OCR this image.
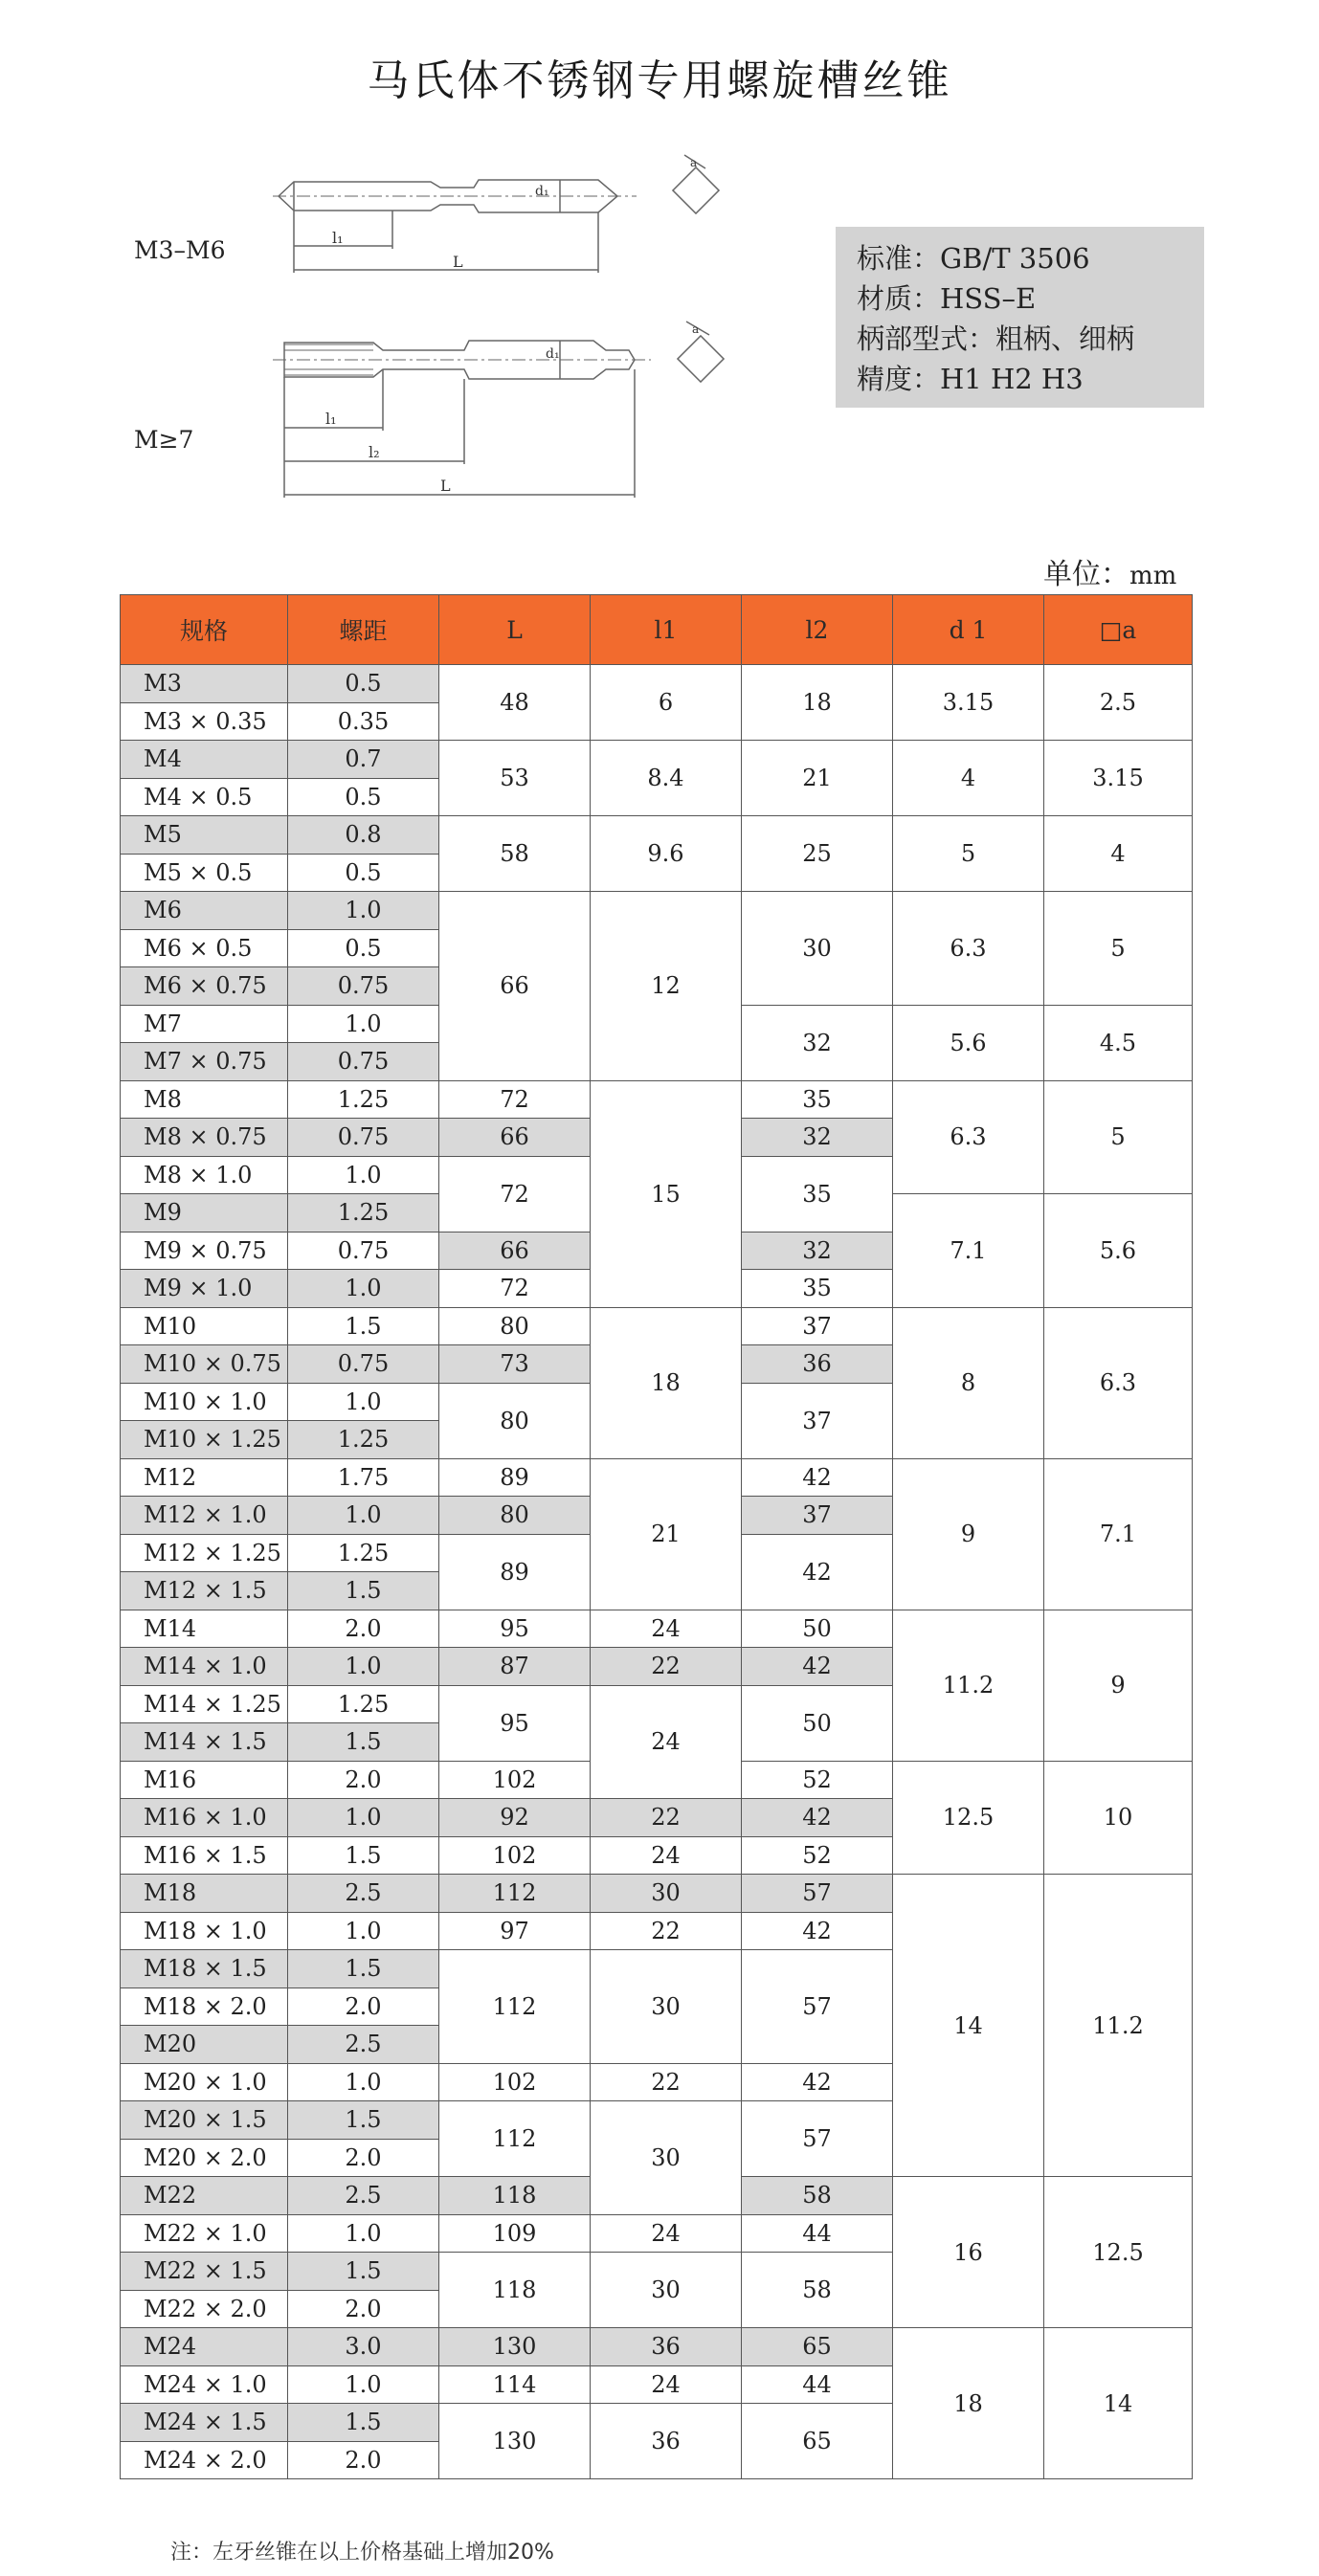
马氏体不锈钢专用螺旋槽丝锥
l₁
L
d₁
a
M3–M6
l₁
l₂
L
d₁
a
M≥7
标准：GB/T 3506
材质：HSS–E
柄部型式：粗柄、细柄
精度：H1 H2 H3
单位：mm
规格	螺距	L	l1	l2	d 1	□a
M3	0.5	48	6	18	3.15	2.5
M3 × 0.35	0.35					
M4	0.7	53	8.4	21	4	3.15
M4 × 0.5	0.5					
M5	0.8	58	9.6	25	5	4
M5 × 0.5	0.5					
M6	1.0	66	12	30	6.3	5
M6 × 0.5	0.5					
M6 × 0.75	0.75					
M7	1.0			32	5.6	4.5
M7 × 0.75	0.75					
M8	1.25	72	15	35	6.3	5
M8 × 0.75	0.75	66		32		
M8 × 1.0	1.0	72		35		
M9	1.25				7.1	5.6
M9 × 0.75	0.75	66		32		
M9 × 1.0	1.0	72		35		
M10	1.5	80	18	37	8	6.3
M10 × 0.75	0.75	73		36		
M10 × 1.0	1.0	80		37		
M10 × 1.25	1.25					
M12	1.75	89	21	42	9	7.1
M12 × 1.0	1.0	80		37		
M12 × 1.25	1.25	89		42		
M12 × 1.5	1.5					
M14	2.0	95	24	50	11.2	9
M14 × 1.0	1.0	87	22	42		
M14 × 1.25	1.25	95	24	50		
M14 × 1.5	1.5					
M16	2.0	102		52	12.5	10
M16 × 1.0	1.0	92	22	42		
M16 × 1.5	1.5	102	24	52		
M18	2.5	112	30	57	14	11.2
M18 × 1.0	1.0	97	22	42		
M18 × 1.5	1.5	112	30	57		
M18 × 2.0	2.0					
M20	2.5					
M20 × 1.0	1.0	102	22	42		
M20 × 1.5	1.5	112	30	57		
M20 × 2.0	2.0					
M22	2.5	118		58	16	12.5
M22 × 1.0	1.0	109	24	44		
M22 × 1.5	1.5	118	30	58		
M22 × 2.0	2.0					
M24	3.0	130	36	65	18	14
M24 × 1.0	1.0	114	24	44		
M24 × 1.5	1.5	130	36	65		
M24 × 2.0	2.0					
注：左牙丝锥在以上价格基础上增加20%
